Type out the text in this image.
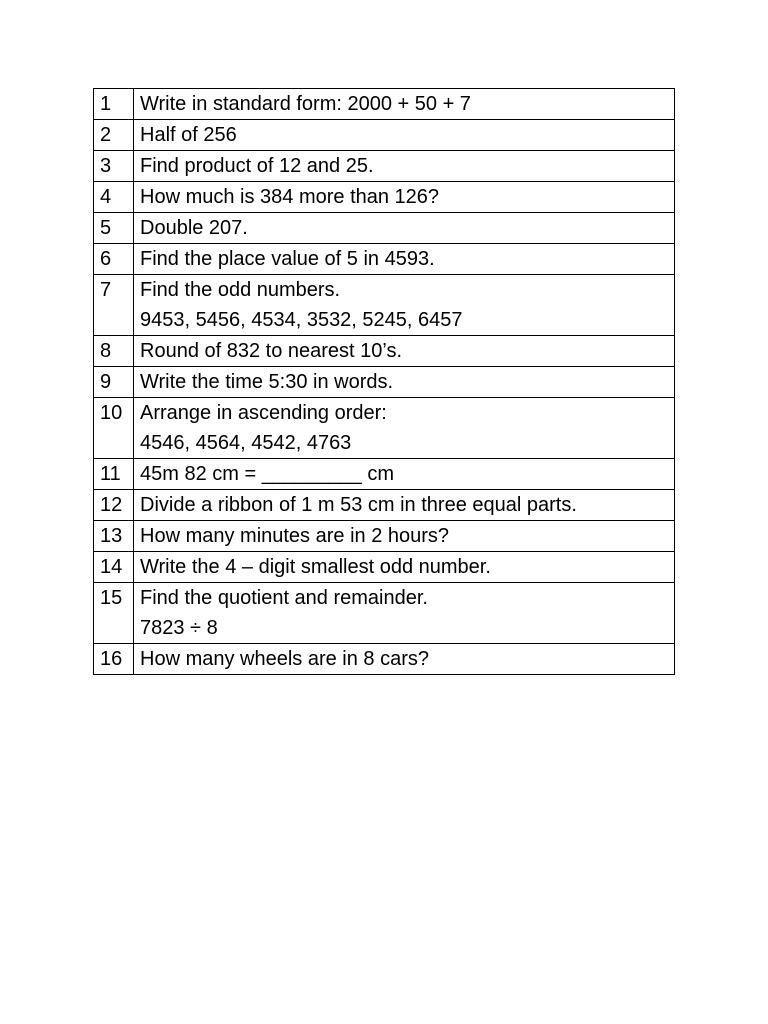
1	Write in standard form: 2000 + 50 + 7

2	Half of 256

3	Find product of 12 and 25.

4	How much is 384 more than 126?

5	Double 207.

6	Find the place value of 5 in 4593.

7	Find the odd numbers.
9453, 5456, 4534, 3532, 5245, 6457

8	Round of 832 to nearest 10’s.

9	Write the time 5:30 in words.

10	Arrange in ascending order:
4546, 4564, 4542, 4763

11	45m 82 cm = _________ cm

12	Divide a ribbon of 1 m 53 cm in three equal parts.

13	How many minutes are in 2 hours?

14	Write the 4 – digit smallest odd number.

15	Find the quotient and remainder.
7823 ÷ 8

16	How many wheels are in 8 cars?
